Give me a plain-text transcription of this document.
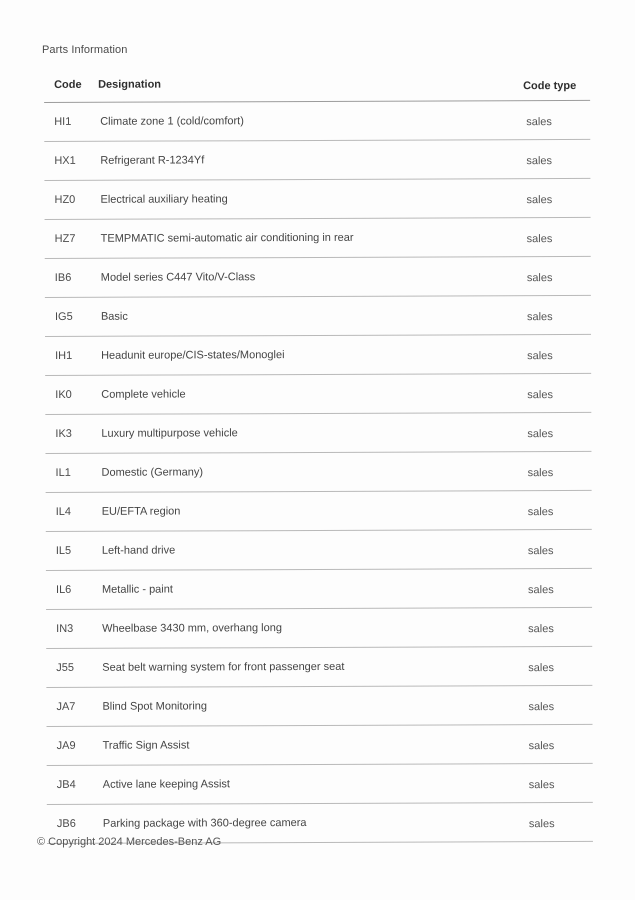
Parts Information
Code Designation	Code type
HI1	Climate zone 1 (cold/comfort)	sales
HX1 Refrigerant R-1234Yf	sales
HZ0 Electrical auxiliary heating	sales
HZ7 TEMPMATIC semi-automatic air conditioning in rear	sales
IB6	Model series C447 Vito/V-Class	sales
IG5	Basic	sales
IH1	Headunit europe/CIS-states/Monoglei	sales
IK0	Complete vehicle	sales
IK3	Luxury multipurpose vehicle	sales
IL1	Domestic (Germany)	sales
IL4	EU/EFTA region	sales
IL5	Left-hand drive	sales
IL6	Metallic - paint	sales
IN3	Wheelbase 3430 mm, overhang long	sales
J55	Seat belt warning system for front passenger seat	sales
JA7 Blind Spot Monitoring	sales
JA9 Traffic Sign Assist	sales
JB4 Active lane keeping Assist	sales
JB6 Parking package with 360-degree camera	sales
© Copyright 2024 Mercedes-Benz AG
